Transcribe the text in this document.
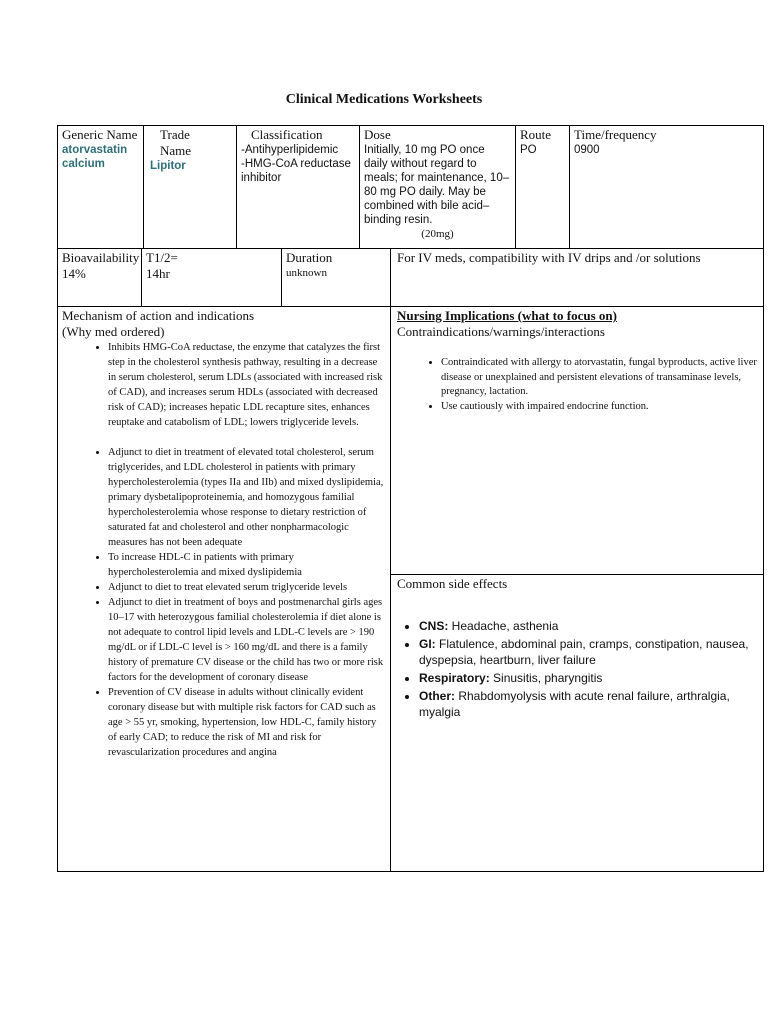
Clinical Medications Worksheets
Generic Name
atorvastatin calcium
Trade Name
Lipitor
Classification
-Antihyperlipidemic
-HMG-CoA reductase inhibitor
Dose
Initially, 10 mg PO once daily without regard to meals; for maintenance, 10–80 mg PO daily. May be combined with bile acid–binding resin.
(20mg)
Route
PO
Time/frequency
0900
Bioavailability
14%
T1/2=
14hr
Duration
unknown
For IV meds, compatibility with IV drips and /or solutions
Mechanism of action and indications
(Why med ordered)
• Inhibits HMG-CoA reductase, the enzyme that catalyzes the first step in the cholesterol synthesis pathway, resulting in a decrease in serum cholesterol, serum LDLs (associated with increased risk of CAD), and increases serum HDLs (associated with decreased risk of CAD); increases hepatic LDL recapture sites, enhances reuptake and catabolism of LDL; lowers triglyceride levels.
• Adjunct to diet in treatment of elevated total cholesterol, serum triglycerides, and LDL cholesterol in patients with primary hypercholesterolemia (types IIa and IIb) and mixed dyslipidemia, primary dysbetalipoproteinemia, and homozygous familial hypercholesterolemia whose response to dietary restriction of saturated fat and cholesterol and other nonpharmacologic measures has not been adequate
• To increase HDL-C in patients with primary hypercholesterolemia and mixed dyslipidemia
• Adjunct to diet to treat elevated serum triglyceride levels
• Adjunct to diet in treatment of boys and postmenarchal girls ages 10–17 with heterozygous familial cholesterolemia if diet alone is not adequate to control lipid levels and LDL-C levels are > 190 mg/dL or if LDL-C level is > 160 mg/dL and there is a family history of premature CV disease or the child has two or more risk factors for the development of coronary disease
• Prevention of CV disease in adults without clinically evident coronary disease but with multiple risk factors for CAD such as age > 55 yr, smoking, hypertension, low HDL-C, family history of early CAD; to reduce the risk of MI and risk for revascularization procedures and angina
Nursing Implications (what to focus on)
Contraindications/warnings/interactions
• Contraindicated with allergy to atorvastatin, fungal byproducts, active liver disease or unexplained and persistent elevations of transaminase levels, pregnancy, lactation.
• Use cautiously with impaired endocrine function.
Common side effects
• CNS: Headache, asthenia
• GI: Flatulence, abdominal pain, cramps, constipation, nausea, dyspepsia, heartburn, liver failure
• Respiratory: Sinusitis, pharyngitis
• Other: Rhabdomyolysis with acute renal failure, arthralgia, myalgia
